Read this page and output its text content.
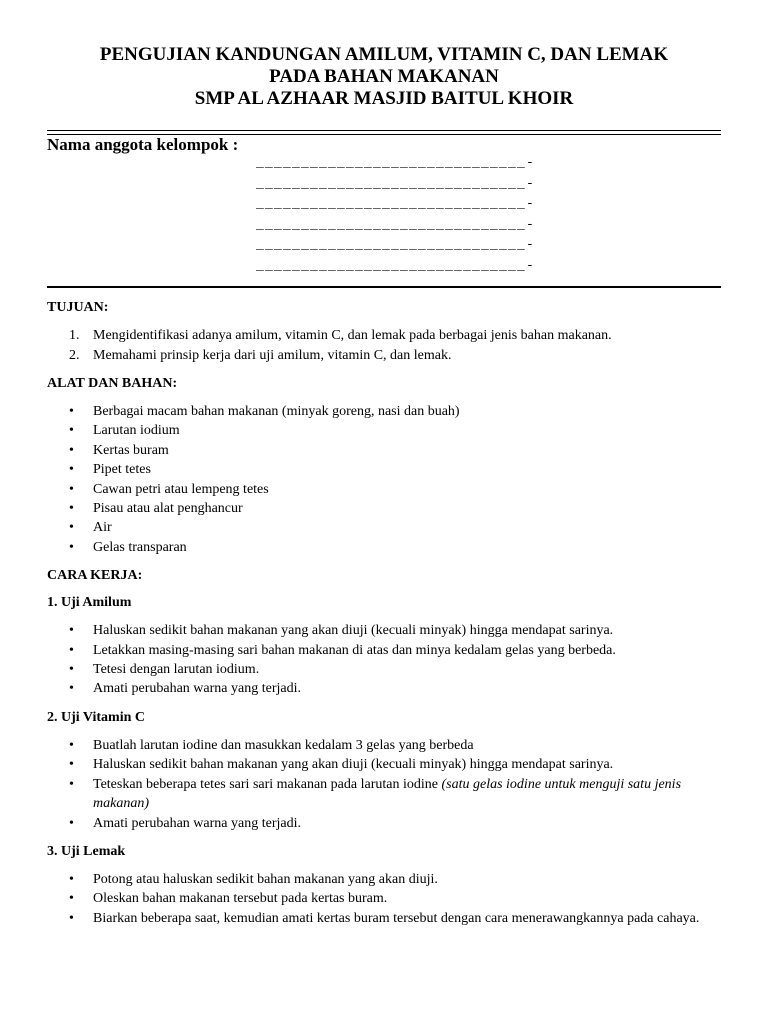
PENGUJIAN KANDUNGAN AMILUM, VITAMIN C, DAN LEMAK
PADA BAHAN MAKANAN
SMP AL AZHAAR MASJID BAITUL KHOIR
Nama anggota kelompok :
______________________________-
______________________________-
______________________________-
______________________________-
______________________________-
______________________________-
TUJUAN:
1. Mengidentifikasi adanya amilum, vitamin C, dan lemak pada berbagai jenis bahan makanan.
2. Memahami prinsip kerja dari uji amilum, vitamin C, dan lemak.
ALAT DAN BAHAN:
• Berbagai macam bahan makanan (minyak goreng, nasi dan buah)
• Larutan iodium
• Kertas buram
• Pipet tetes
• Cawan petri atau lempeng tetes
• Pisau atau alat penghancur
• Air
• Gelas transparan
CARA KERJA:
1. Uji Amilum
• Haluskan sedikit bahan makanan yang akan diuji (kecuali minyak) hingga mendapat sarinya.
• Letakkan masing-masing sari bahan makanan di atas dan minya kedalam gelas yang berbeda.
• Tetesi dengan larutan iodium.
• Amati perubahan warna yang terjadi.
2. Uji Vitamin C
• Buatlah larutan iodine dan masukkan kedalam 3 gelas yang berbeda
• Haluskan sedikit bahan makanan yang akan diuji (kecuali minyak) hingga mendapat sarinya.
• Teteskan beberapa tetes sari sari makanan pada larutan iodine (satu gelas iodine untuk menguji satu jenis makanan)
• Amati perubahan warna yang terjadi.
3. Uji Lemak
• Potong atau haluskan sedikit bahan makanan yang akan diuji.
• Oleskan bahan makanan tersebut pada kertas buram.
• Biarkan beberapa saat, kemudian amati kertas buram tersebut dengan cara menerawangkannya pada cahaya.
